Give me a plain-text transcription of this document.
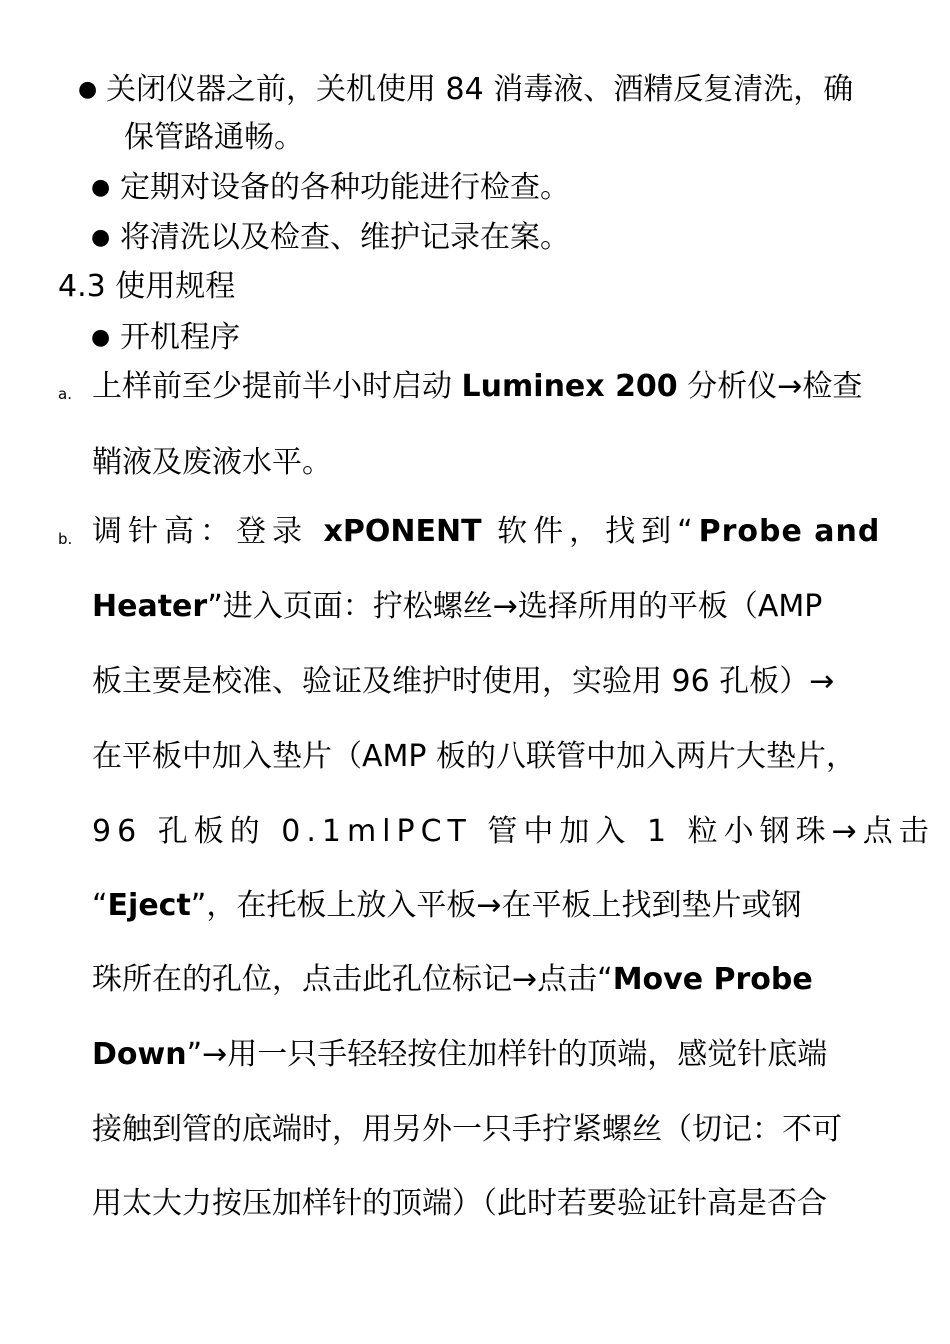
● 关闭仪器之前，关机使用 84 消毒液、酒精反复清洗，确
保管路通畅。
● 定期对设备的各种功能进行检查。
● 将清洗以及检查、维护记录在案。
4.3 使用规程
● 开机程序
a. 上样前至少提前半小时启动 Luminex 200 分析仪→检查
鞘液及废液水平。
b. 调针高：登录 xPONENT 软件，找到“Probe and
Heater”进入页面：拧松螺丝→选择所用的平板（AMP
板主要是校准、验证及维护时使用，实验用 96 孔板）→
在平板中加入垫片（AMP 板的八联管中加入两片大垫片，
96 孔板的 0.1mlPCT 管中加入 1 粒小钢珠→点击
“Eject”，在托板上放入平板→在平板上找到垫片或钢
珠所在的孔位，点击此孔位标记→点击“Move Probe
Down”→用一只手轻轻按住加样针的顶端，感觉针底端
接触到管的底端时，用另外一只手拧紧螺丝（切记：不可
用太大力按压加样针的顶端）（此时若要验证针高是否合
